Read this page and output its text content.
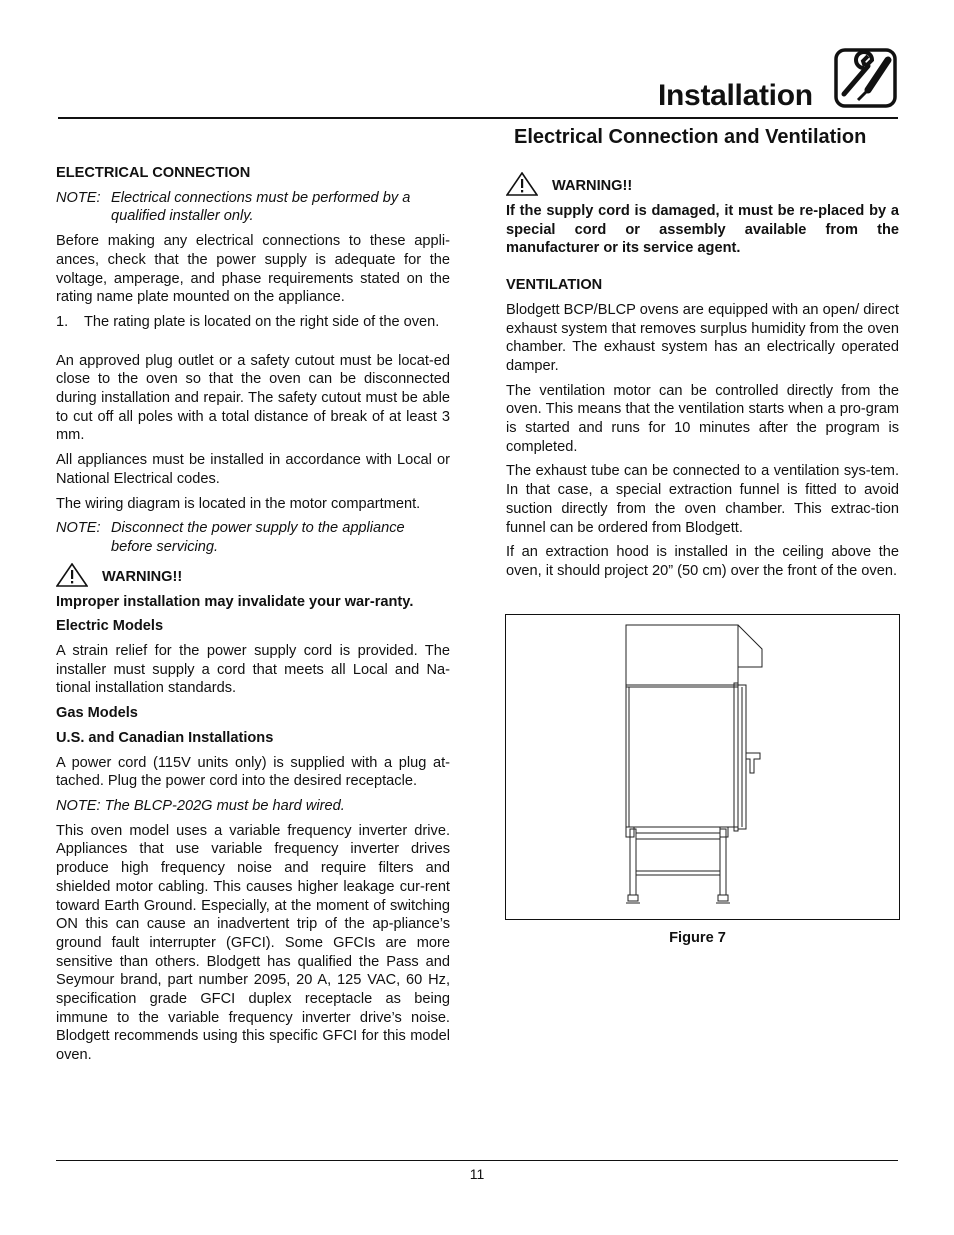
Installation
Electrical Connection and Ventilation

ELECTRICAL CONNECTION

NOTE: Electrical connections must be performed by a qualified installer only.

Before making any electrical connections to these appli-ances, check that the power supply is adequate for the voltage, amperage, and phase requirements stated on the rating name plate mounted on the appliance.

1.	The rating plate is located on the right side of the oven.

An approved plug outlet or a safety cutout must be locat-ed close to the oven so that the oven can be disconnected during installation and repair. The safety cutout must be able to cut off all poles with a total distance of break of at least 3 mm.

All appliances must be installed in accordance with Local or National Electrical codes.

The wiring diagram is located in the motor compartment.

NOTE: Disconnect the power supply to the appliance before servicing.
WARNING!!

Improper installation may invalidate your war-ranty.

Electric Models

A strain relief for the power supply cord is provided. The installer must supply a cord that meets all Local and Na-tional installation standards.

Gas Models

U.S. and Canadian Installations

A power cord (115V units only) is supplied with a plug at-tached. Plug the power cord into the desired receptacle.

NOTE: The BLCP-202G must be hard wired.

This oven model uses a variable frequency inverter drive. Appliances that use variable frequency inverter drives produce high frequency noise and require filters and shielded motor cabling. This causes higher leakage cur-rent toward Earth Ground. Especially, at the moment of switching ON this can cause an inadvertent trip of the ap-pliance’s ground fault interrupter (GFCI). Some GFCIs are more sensitive than others. Blodgett has qualified the Pass and Seymour brand, part number 2095, 20 A, 125 VAC, 60 Hz, specification grade GFCI duplex receptacle as being immune to the variable frequency inverter drive’s noise. Blodgett recommends using this specific GFCI for this model oven.

WARNING!!

If the supply cord is damaged, it must be re-placed by a special cord or assembly available from the manufacturer or its service agent.

VENTILATION

Blodgett BCP/BLCP ovens are equipped with an open/ direct exhaust system that removes surplus humidity from the oven chamber. The exhaust system has an electrically operated damper.

The ventilation motor can be controlled directly from the oven. This means that the ventilation starts when a pro-gram is started and runs for 10 minutes after the program is completed.

The exhaust tube can be connected to a ventilation sys-tem. In that case, a special extraction funnel is fitted to avoid suction directly from the oven chamber. This extrac-tion funnel can be ordered from Blodgett.

If an extraction hood is installed in the ceiling above the oven, it should project 20” (50 cm) over the front of the oven.

Figure 7
11
